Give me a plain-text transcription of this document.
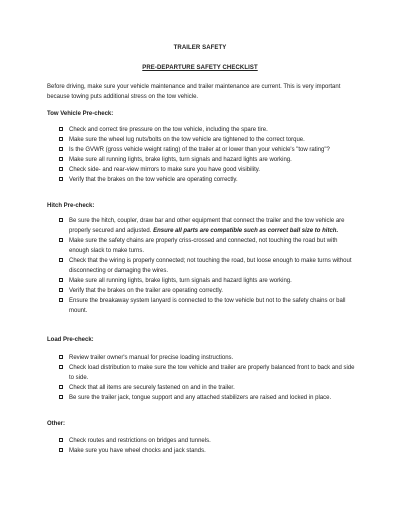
TRAILER SAFETY
PRE-DEPARTURE SAFETY CHECKLIST
Before driving, make sure your vehicle maintenance and trailer maintenance are current. This is very important because towing puts additional stress on the tow vehicle.
Tow Vehicle Pre-check:
Check and correct tire pressure on the tow vehicle, including the spare tire.
Make sure the wheel lug nuts/bolts on the tow vehicle are tightened to the correct torque.
Is the GVWR (gross vehicle weight rating) of the trailer at or lower than your vehicle's "tow rating"?
Make sure all running lights, brake lights, turn signals and hazard lights are working.
Check side- and rear-view mirrors to make sure you have good visibility.
Verify that the brakes on the tow vehicle are operating correctly.
Hitch Pre-check:
Be sure the hitch, coupler, draw bar and other equipment that connect the trailer and the tow vehicle are properly secured and adjusted. Ensure all parts are compatible such as correct ball size to hitch.
Make sure the safety chains are properly criss-crossed and connected, not touching the road but with enough slack to make turns.
Check that the wiring is properly connected; not touching the road, but loose enough to make turns without disconnecting or damaging the wires.
Make sure all running lights, brake lights, turn signals and hazard lights are working.
Verify that the brakes on the trailer are operating correctly.
Ensure the breakaway system lanyard is connected to the tow vehicle but not to the safety chains or ball mount.
Load Pre-check:
Review trailer owner's manual for precise loading instructions.
Check load distribution to make sure the tow vehicle and trailer are properly balanced front to back and side to side.
Check that all items are securely fastened on and in the trailer.
Be sure the trailer jack, tongue support and any attached stabilizers are raised and locked in place.
Other:
Check routes and restrictions on bridges and tunnels.
Make sure you have wheel chocks and jack stands.
